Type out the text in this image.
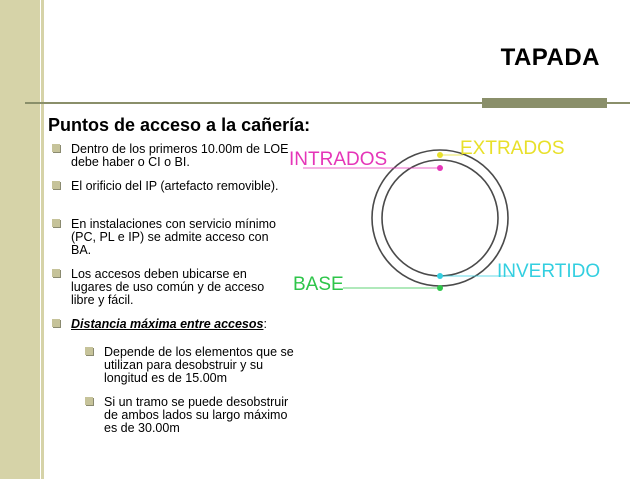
TAPADA
Puntos de acceso a la cañería:
Dentro de los primeros 10.00m de LOE debe haber o CI o BI.
El orificio del IP (artefacto removible).
En instalaciones con servicio mínimo (PC, PL e IP) se admite acceso con BA.
Los accesos deben ubicarse en lugares de uso común y de acceso libre y fácil.
Distancia máxima entre accesos:
Depende de los elementos que se utilizan para desobstruir y su longitud es de 15.00m
Si un tramo se puede desobstruir de ambos lados su largo máximo es de 30.00m
INTRADOS
EXTRADOS
INVERTIDO
BASE
